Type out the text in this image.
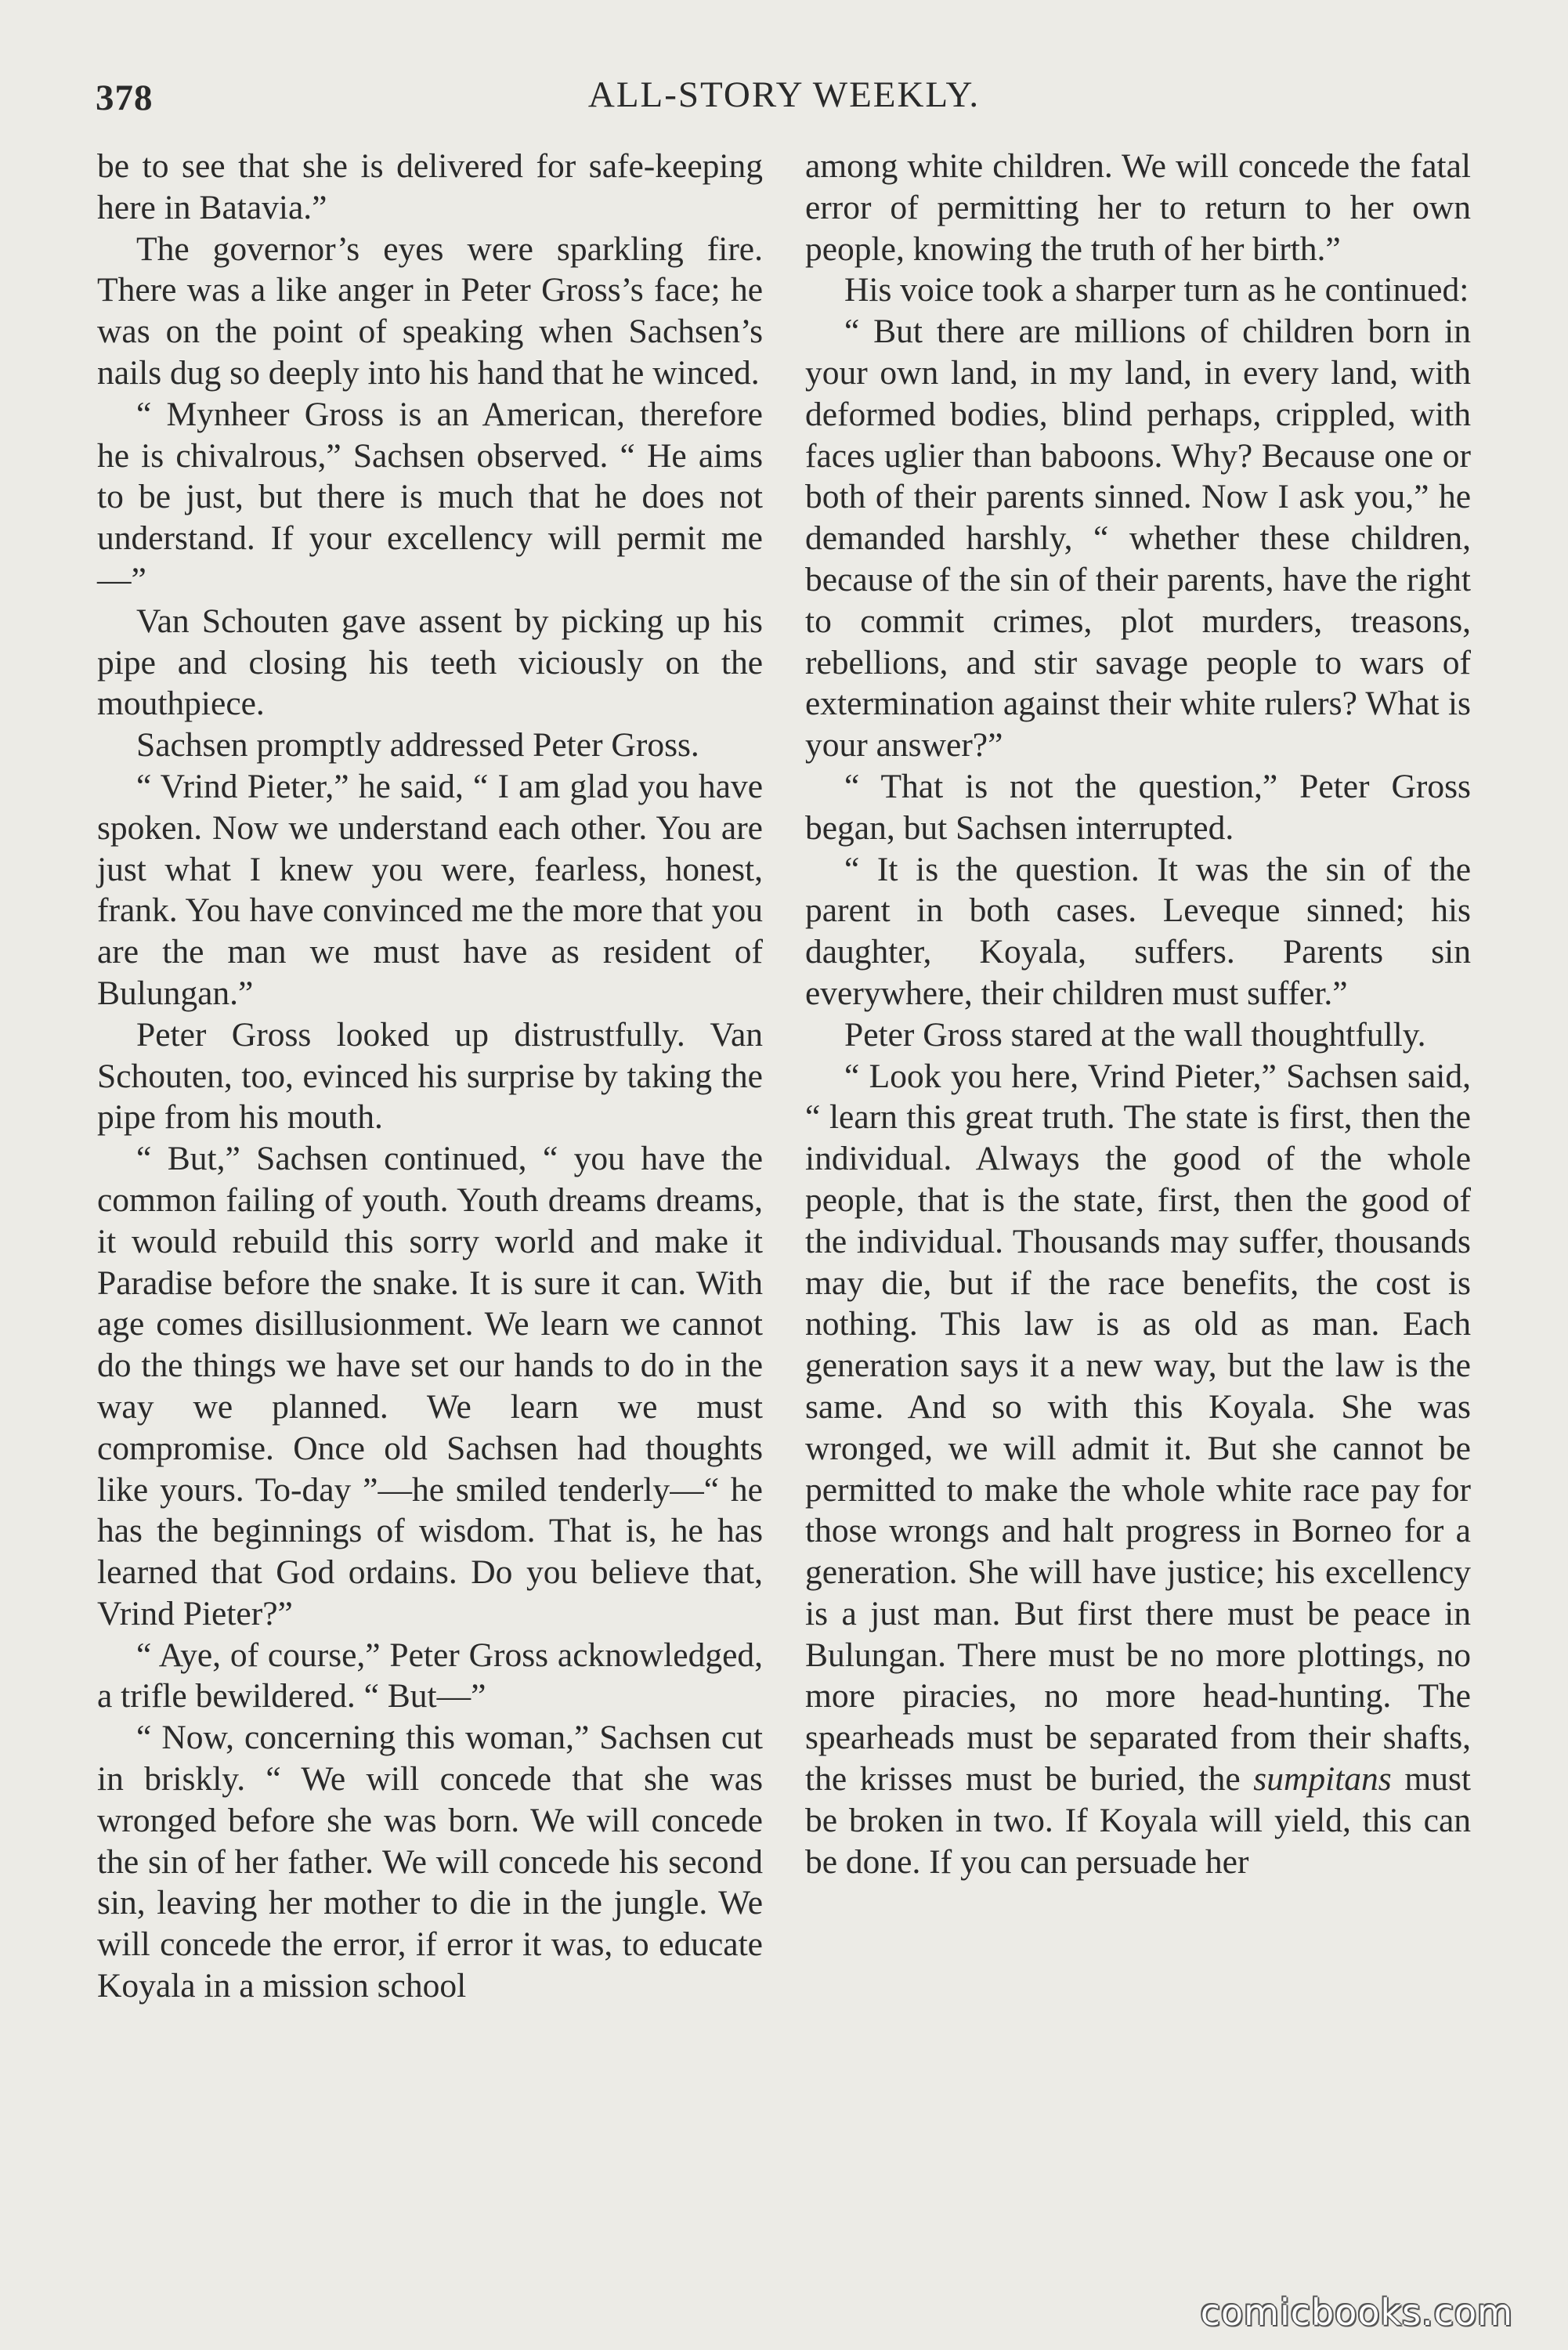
378	ALL-STORY WEEKLY.

be to see that she is delivered for safe-keeping here in Batavia.”

The governor’s eyes were sparkling fire. There was a like anger in Peter Gross’s face; he was on the point of speaking when Sachsen’s nails dug so deeply into his hand that he winced.

“ Mynheer Gross is an American, therefore he is chivalrous,” Sachsen observed. “ He aims to be just, but there is much that he does not understand. If your excellency will permit me—”

Van Schouten gave assent by picking up his pipe and closing his teeth viciously on the mouthpiece.

Sachsen promptly addressed Peter Gross.

“ Vrind Pieter,” he said, “ I am glad you have spoken. Now we understand each other. You are just what I knew you were, fearless, honest, frank. You have convinced me the more that you are the man we must have as resident of Bulungan.”

Peter Gross looked up distrustfully. Van Schouten, too, evinced his surprise by taking the pipe from his mouth.

“ But,” Sachsen continued, “ you have the common failing of youth. Youth dreams dreams, it would rebuild this sorry world and make it Paradise before the snake. It is sure it can. With age comes disillusionment. We learn we cannot do the things we have set our hands to do in the way we planned. We learn we must compromise. Once old Sachsen had thoughts like yours. To-day ”—he smiled tenderly—“ he has the beginnings of wisdom. That is, he has learned that God ordains. Do you believe that, Vrind Pieter?”

“ Aye, of course,” Peter Gross acknowledged, a trifle bewildered. “ But—”

“ Now, concerning this woman,” Sachsen cut in briskly. “ We will concede that she was wronged before she was born. We will concede the sin of her father. We will concede his second sin, leaving her mother to die in the jungle. We will concede the error, if error it was, to educate Koyala in a mission school

among white children. We will concede the fatal error of permitting her to return to her own people, knowing the truth of her birth.”

His voice took a sharper turn as he continued:

“ But there are millions of children born in your own land, in my land, in every land, with deformed bodies, blind perhaps, crippled, with faces uglier than baboons. Why? Because one or both of their parents sinned. Now I ask you,” he demanded harshly, “ whether these children, because of the sin of their parents, have the right to commit crimes, plot murders, treasons, rebellions, and stir savage people to wars of extermination against their white rulers? What is your answer?”

“ That is not the question,” Peter Gross began, but Sachsen interrupted.

“ It is the question. It was the sin of the parent in both cases. Leveque sinned; his daughter, Koyala, suffers. Parents sin everywhere, their children must suffer.”

Peter Gross stared at the wall thoughtfully.

“ Look you here, Vrind Pieter,” Sachsen said, “ learn this great truth. The state is first, then the individual. Always the good of the whole people, that is the state, first, then the good of the individual. Thousands may suffer, thousands may die, but if the race benefits, the cost is nothing. This law is as old as man. Each generation says it a new way, but the law is the same. And so with this Koyala. She was wronged, we will admit it. But she cannot be permitted to make the whole white race pay for those wrongs and halt progress in Borneo for a generation. She will have justice; his excellency is a just man. But first there must be peace in Bulungan. There must be no more plottings, no more piracies, no more head-hunting. The spearheads must be separated from their shafts, the krisses must be buried, the sumpitans must be broken in two. If Koyala will yield, this can be done. If you can persuade her

comicbooks.com
